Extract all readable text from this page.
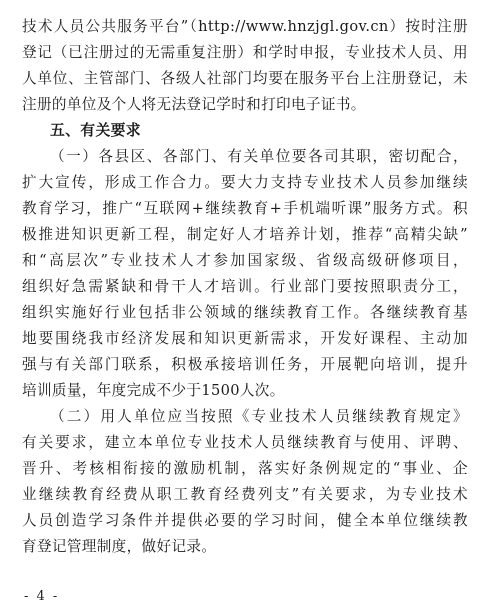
技术人员公共服务平台”（http://www.hnzjgl.gov.cn）按时注册
登记（已注册过的无需重复注册）和学时申报，专业技术人员、用
人单位、主管部门、各级人社部门均要在服务平台上注册登记，未
注册的单位及个人将无法登记学时和打印电子证书。
五、有关要求
（一）各县区、各部门、有关单位要各司其职，密切配合，
扩大宣传，形成工作合力。要大力支持专业技术人员参加继续
教育学习，推广“互联网+继续教育+手机端听课”服务方式。积
极推进知识更新工程，制定好人才培养计划，推荐“高精尖缺”
和“高层次”专业技术人才参加国家级、省级高级研修项目，
组织好急需紧缺和骨干人才培训。行业部门要按照职责分工，
组织实施好行业包括非公领域的继续教育工作。各继续教育基
地要围绕我市经济发展和知识更新需求，开发好课程、主动加
强与有关部门联系，积极承接培训任务，开展靶向培训，提升
培训质量，年度完成不少于1500人次。
（二）用人单位应当按照《专业技术人员继续教育规定》
有关要求，建立本单位专业技术人员继续教育与使用、评聘、
晋升、考核相衔接的激励机制，落实好条例规定的“事业、企
业继续教育经费从职工教育经费列支”有关要求，为专业技术
人员创造学习条件并提供必要的学习时间，健全本单位继续教
育登记管理制度，做好记录。
- 4 -
